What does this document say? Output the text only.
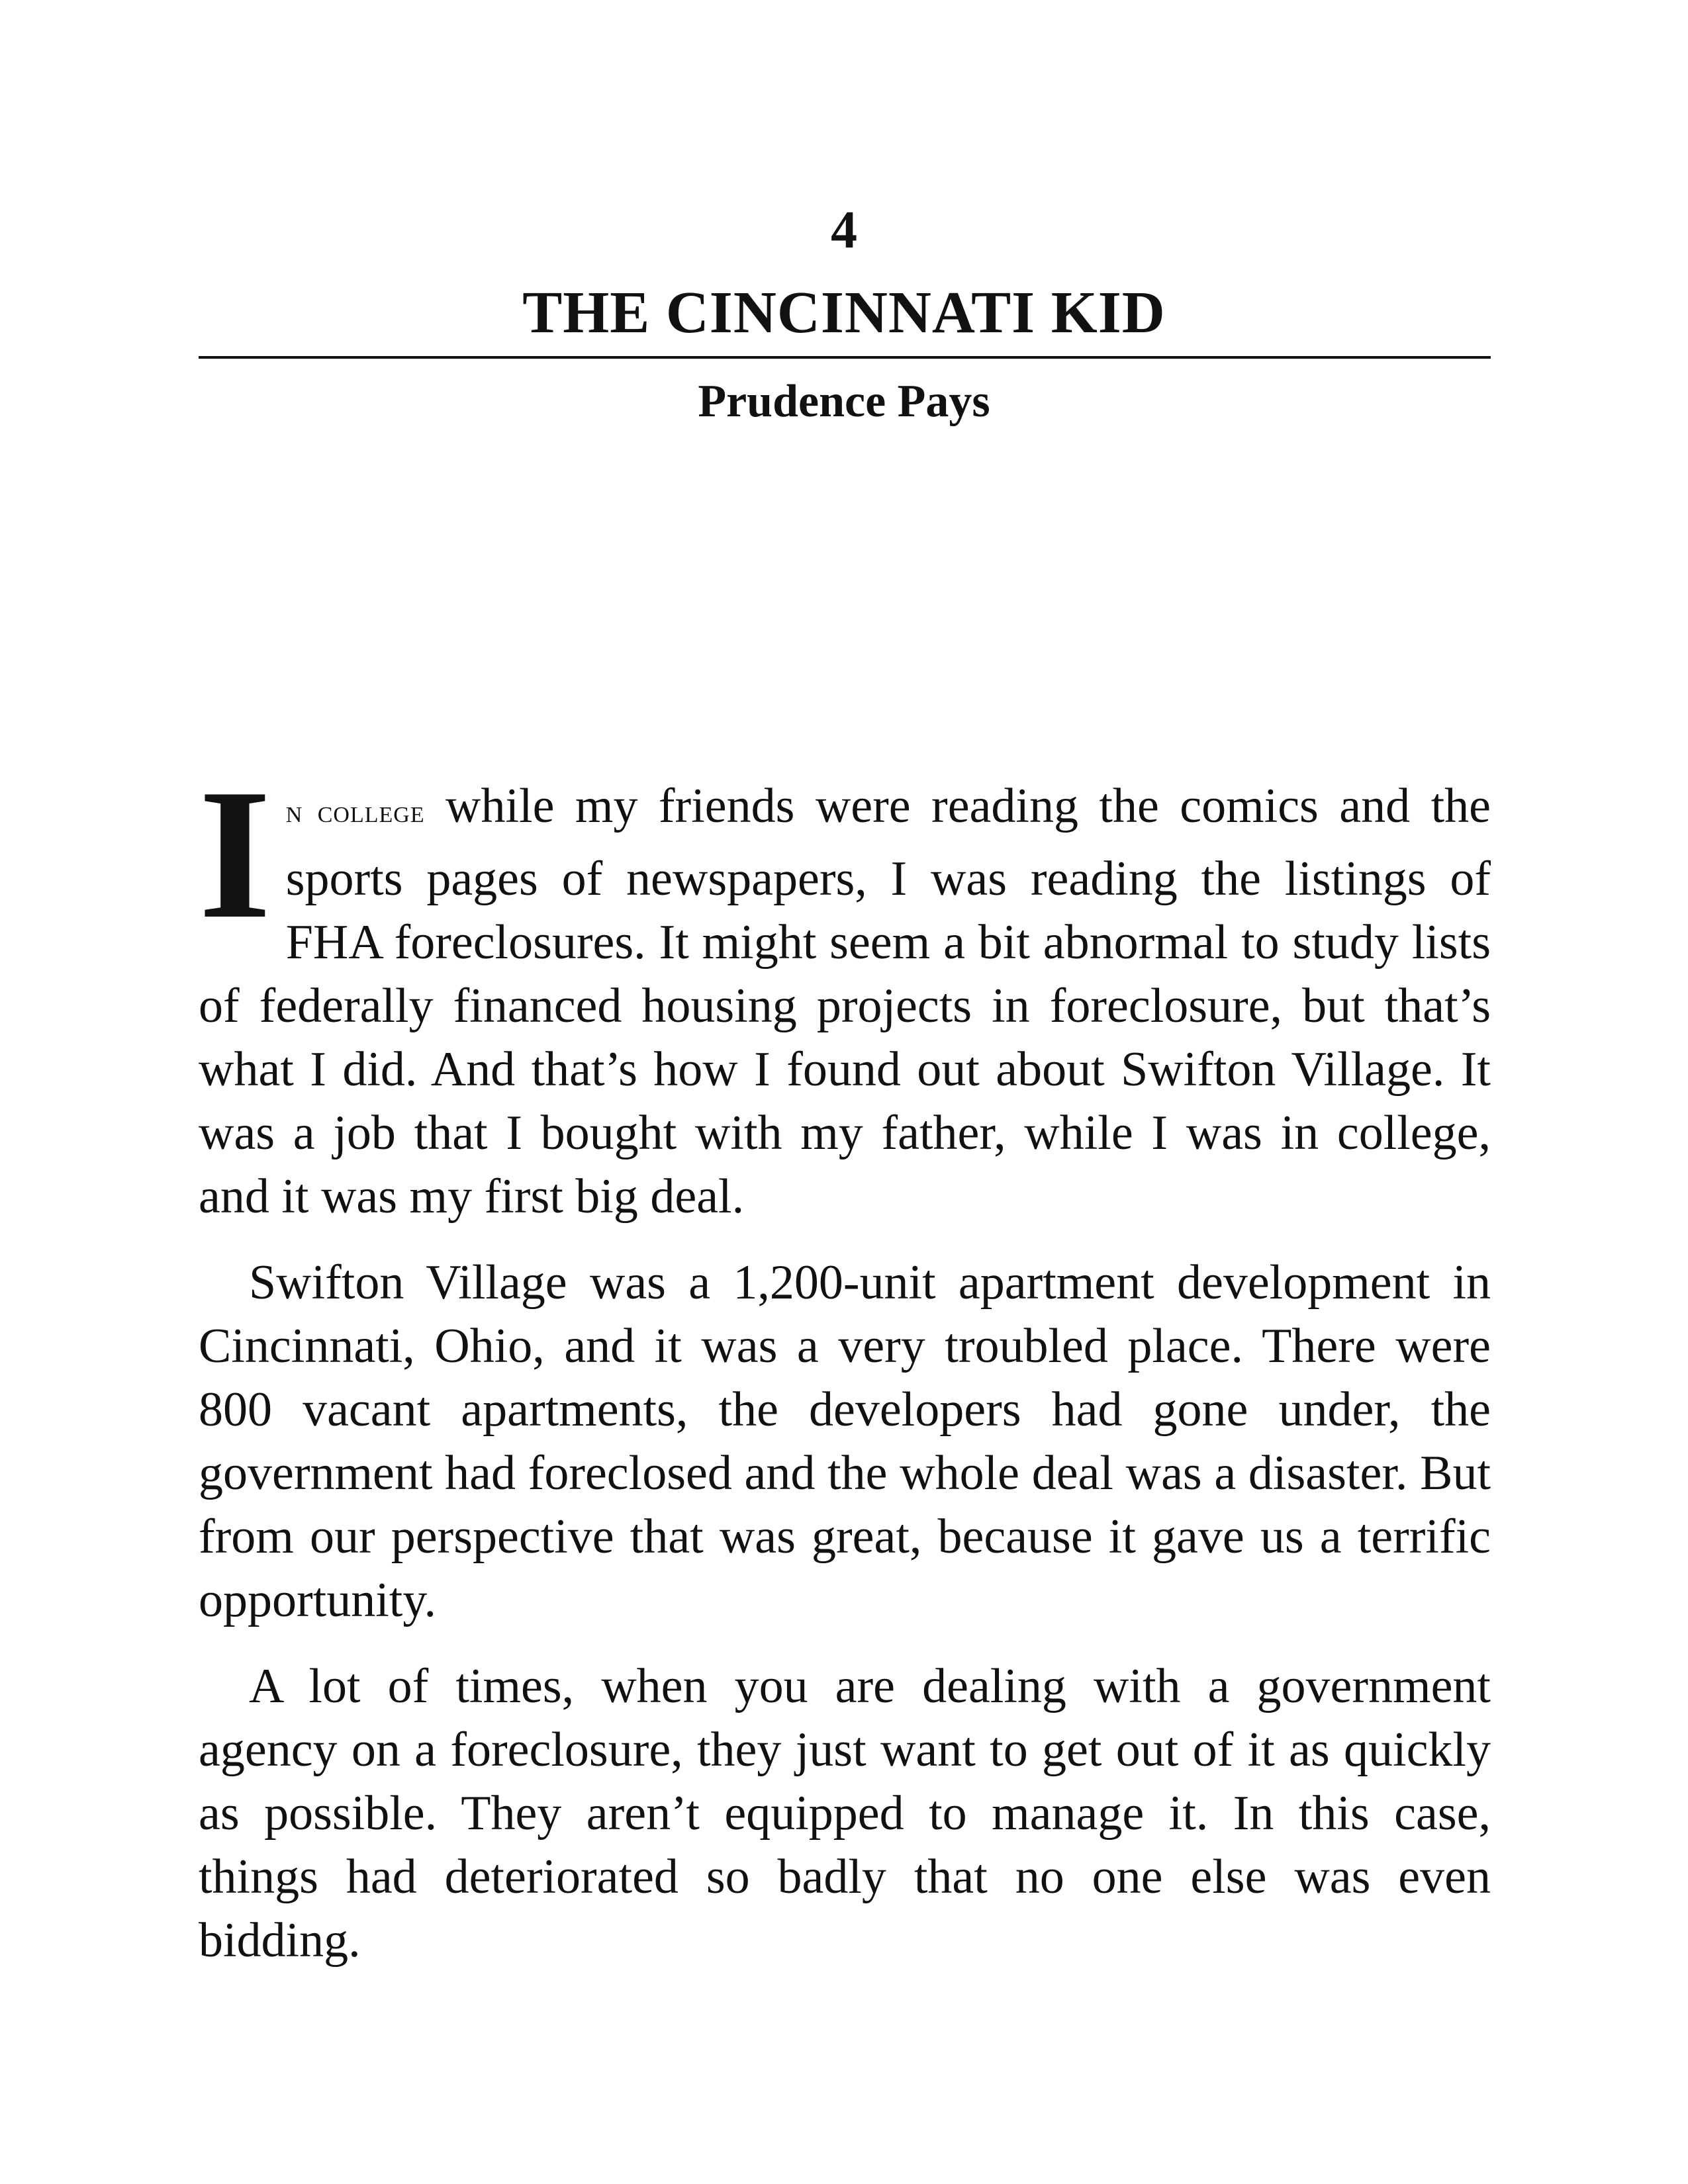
4
THE CINCINNATI KID
Prudence Pays

I N COLLEGE while my friends were reading the comics and the sports pages of newspapers, I was reading the listings of FHA foreclosures. It might seem a bit abnormal to study lists of federally financed housing projects in foreclosure, but that’s what I did. And that’s how I found out about Swifton Village. It was a job that I bought with my father, while I was in college, and it was my first big deal.

Swifton Village was a 1,200-unit apartment development in Cincinnati, Ohio, and it was a very troubled place. There were 800 vacant apartments, the developers had gone under, the government had foreclosed and the whole deal was a disaster. But from our perspective that was great, because it gave us a terrific opportunity.

A lot of times, when you are dealing with a government agency on a foreclosure, they just want to get out of it as quickly as possible. They aren’t equipped to manage it. In this case, things had deteriorated so badly that no one else was even bidding.
